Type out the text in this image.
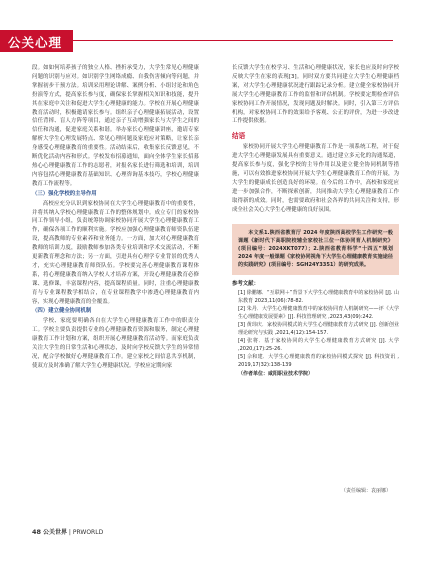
公关心理

段。如如何培养孩子的独立人格、挫折承受力，大学生常见心理健康问题的识别与应对。如识别学生网络成瘾、自我伤害倾向等问题，并掌握初步干预方法。培训采用理论讲解、案例分析、小组讨论和角色扮演等方式，提高家长参与度，确保家长掌握相关知识和技能，提升其在家庭中关注和促进大学生心理健康的能力。学校在开展心理健康教育活动时，积极邀请家长参与。组织亲子心理健康拓展活动，设置信任背摔、盲人方阵等项目，通过亲子互动增强家长与大学生之间的信任和沟通，促进家庭关系和谐。举办家长心理健康讲座，邀请专家解析大学生心理发展特点、常见心理问题及家庭应对策略，让家长亲身感受心理健康教育的重要性。活动结束后，收集家长反馈意见，不断优化活动内容和形式。学校发布招募通知，面向全体学生家长招募热心心理健康教育工作的志愿者，对报名家长进行筛选和培训，培训内容包括心理健康教育基础知识、心理咨询基本技巧，学校心理健康教育工作流程等。

（三）强化学校的主导作用

高校应充分认识到家校协同在大学生心理健康教育中的重要性，并将其纳入学校心理健康教育工作的整体规划中。成立专门的家校协同工作领导小组，负责统筹协调家校协同开展大学生心理健康教育工作，确保各项工作的顺利实施。学校应加强心理健康教育师资队伍建设，提高教师的专业素养和业务能力。一方面，加大对心理健康教育教师的培训力度，鼓励教师参加各类专业培训和学术交流活动，不断更新教育理念和方法；另一方面，引进具有心理学专业背景的优秀人才，充实心理健康教育师资队伍。学校要完善心理健康教育课程体系，将心理健康教育纳入学校人才培养方案，开设心理健康教育必修课、选修课，丰富课程内容，提高课程质量。同时，注重心理健康教育与专业课程教学相结合，在专业课程教学中渗透心理健康教育内容，实现心理健康教育的全覆盖。

（四）建立健全协同机制

学校、家庭要明确各自在大学生心理健康教育工作中的职责分工。学校主要负责提供专业的心理健康教育资源和服务，制定心理健康教育工作计划和方案，组织开展心理健康教育活动等。而家庭负责关注大学生的日常生活和心理状态，及时向学校反馈大学生的异常情况，配合学校做好心理健康教育工作。建立家校之间信息共享机制，使双方及时准确了解大学生心理健康状况。学校应定期向家

长反馈大学生在校学习、生活和心理健康状况，家长也应及时向学校反映大学生在家的表现[3]。同时双方要共同建立大学生心理健康档案，对大学生心理健康状况进行跟踪记录分析。建立健全家校协同开展大学生心理健康教育工作的监督和评估机制。学校要定期检查评估家校协同工作开展情况，发现问题及时解决。同时，引入第三方评估机构，对家校协同工作的效果给予客观、公正的评价，为进一步改进工作提供依据。

结语

家校协同开展大学生心理健康教育工作是一项系统工程，对于促进大学生心理健康发展具有重要意义。通过建立多元化的沟通渠道，提高家长参与度，强化学校的主导作用以及建立健全协同机制等措施，可以有效推进家校协同开展大学生心理健康教育工作的开展，为大学生的健康成长创造良好的环境。在今后的工作中，高校和家庭应进一步加强合作，不断探索创新，共同推动大学生心理健康教育工作取得新的成效。同时，也需要政府和社会各界的共同关注和支持，形成全社会关心大学生心理健康的良好氛围。

本文系1.陕西省教育厅 2024 年度陕西高校学生工作研究一般课题《新时代下高职院校辅全家校社三位一体协同育人机制研究》(项目编号：2024XKT077）；2.陕西省教育科学“十四五”规划 2024 年度一般课题《家校协同视角下大学生心理健康教育实施途径的实践研究》(项目编号：SGH24Y3351）的研究成果。

参考文献：

[1] 徐鹏娜．“互联网＋”背景下大学生心理健康教育中的家校协同 [J]. 山东教育 2023,11(06):78-82.

[2] 朱丹．大学生心理健康教育中的家校协同育人机制研究——评《大学生心理健康发展要素》[J]. 科技管理研究 ,2023,43(09):242.

[3] 黄玮庆．家校协同模式的大学生心理健康教育方式研究 [J]. 创新创业理论研究与实践 ,2021,4(12):154-157.

[4] 张将．基于家校协同的大学生心理健康教育方式研究 [J]. 大学 ,2020,(17):25-26.

[5] 佘和建．大学生心理健康教育的家校协同模式探究 [J]. 科技资讯 , 2019,17(32):138-139

（作者单位：咸阳职业技术学院）
（责任编辑：袁丽娜）
48 公关世界 | PRWORLD
